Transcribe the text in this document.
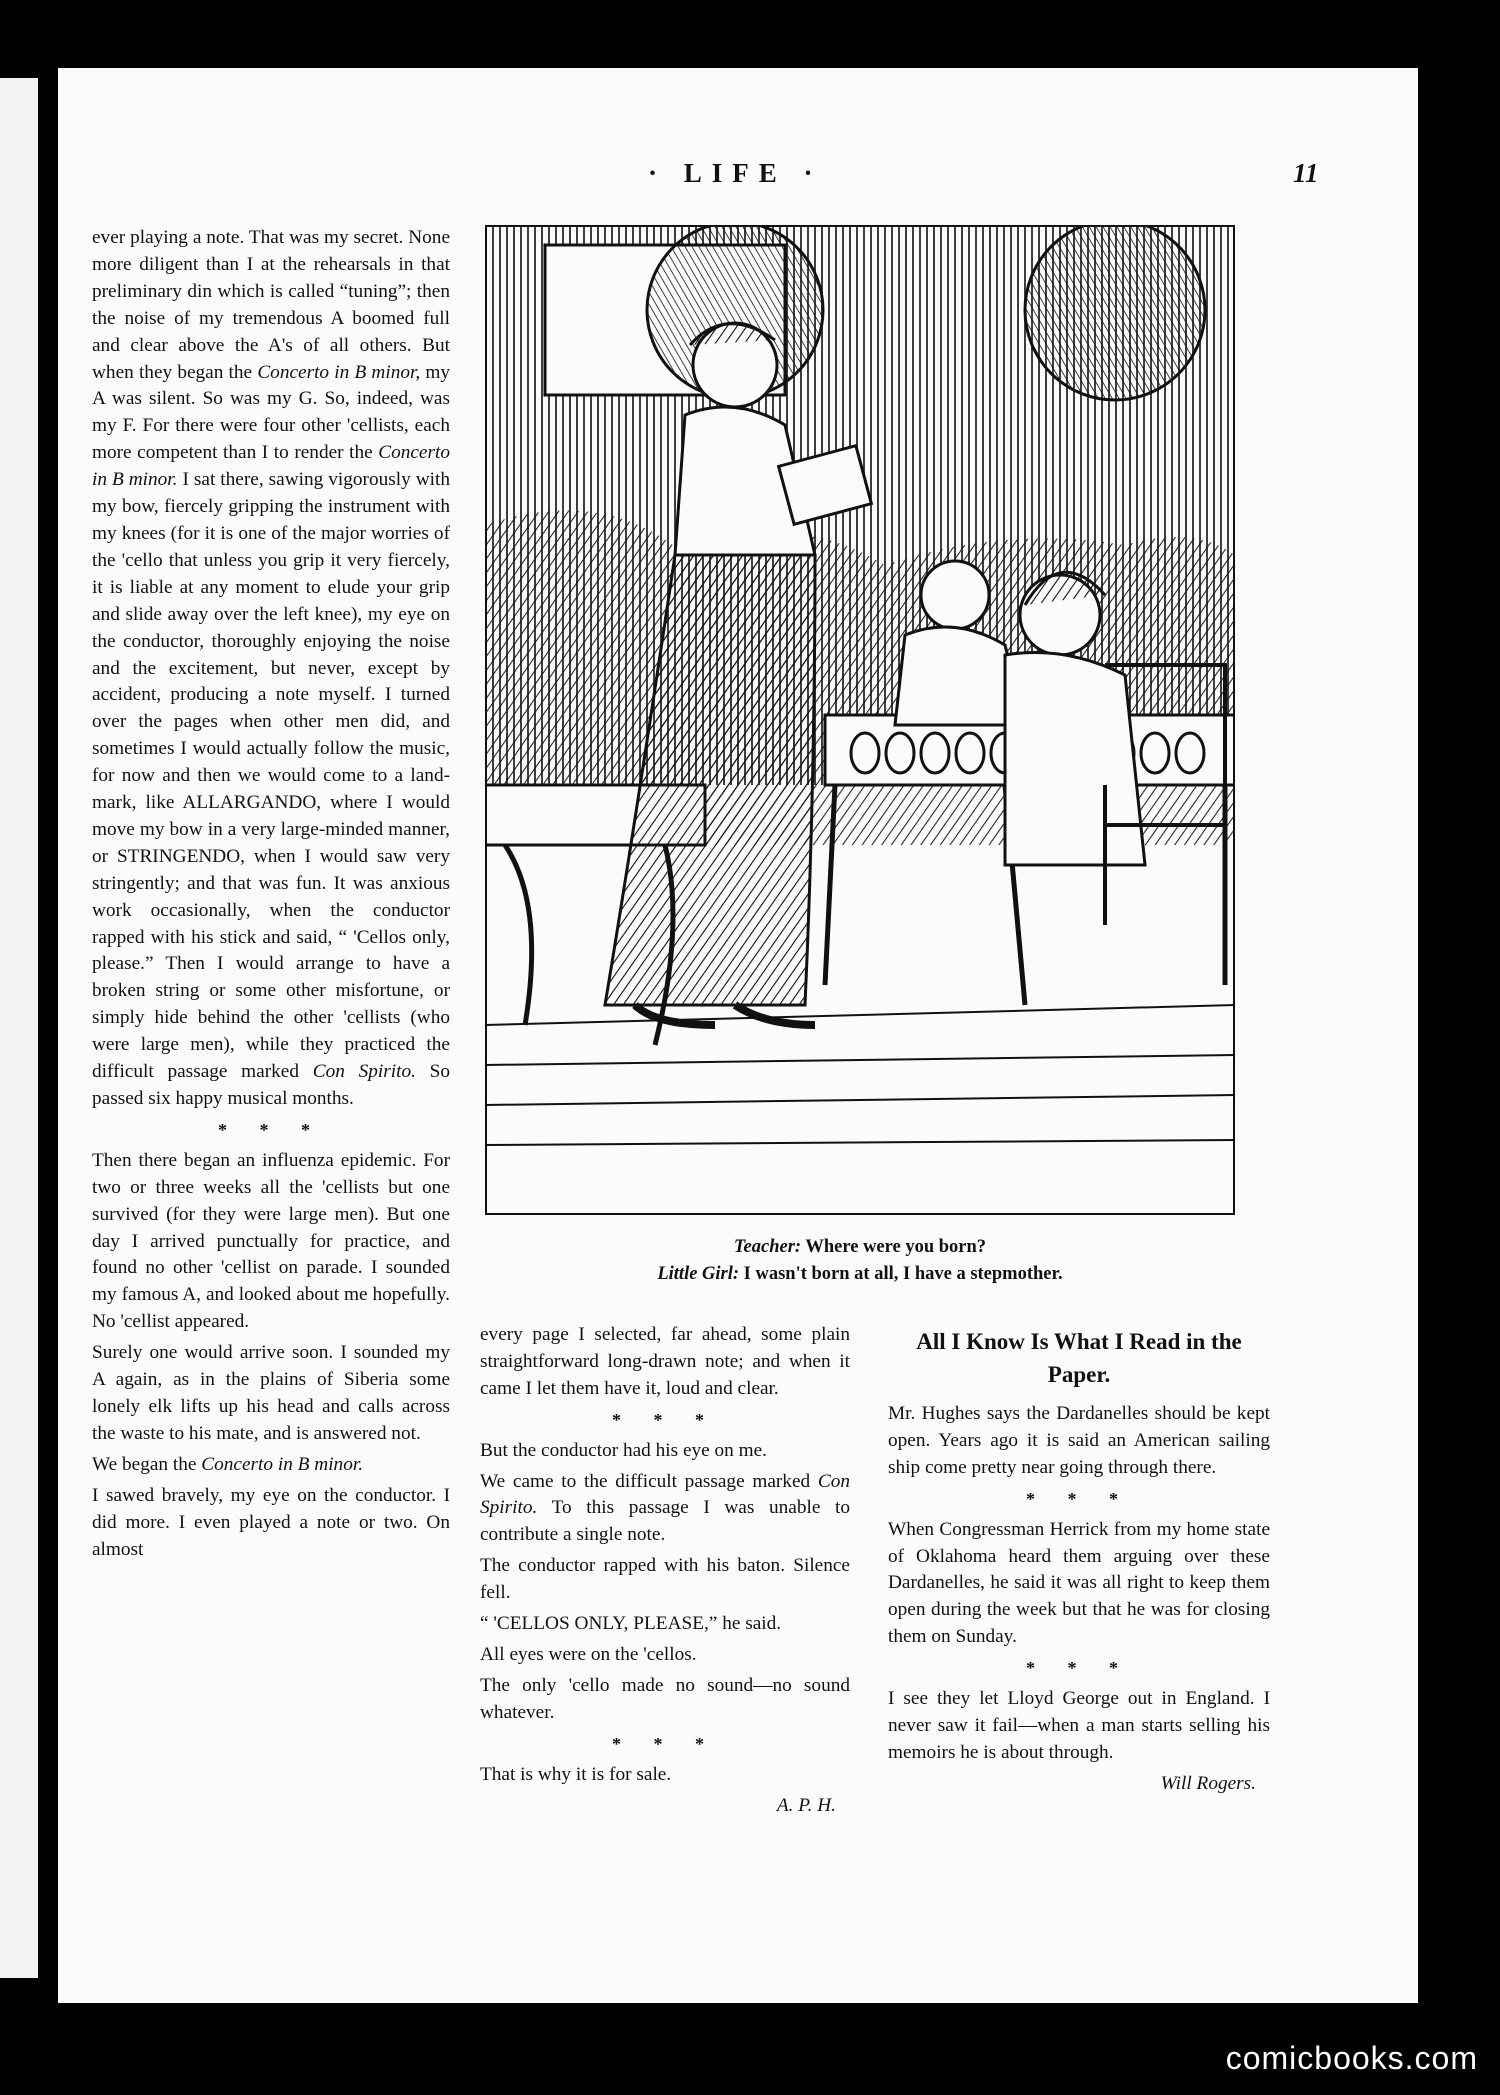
· LIFE ·	11

ever playing a note. That was my secret. None more diligent than I at the rehearsals in that preliminary din which is called “tuning”; then the noise of my tremendous A boomed full and clear above the A's of all others. But when they began the Concerto in B minor, my A was silent. So was my G. So, indeed, was my F. For there were four other 'cellists, each more competent than I to render the Concerto in B minor. I sat there, sawing vigorously with my bow, fiercely gripping the instrument with my knees (for it is one of the major worries of the 'cello that unless you grip it very fiercely, it is liable at any moment to elude your grip and slide away over the left knee), my eye on the conductor, thoroughly enjoying the noise and the excitement, but never, except by accident, producing a note myself. I turned over the pages when other men did, and sometimes I would actually follow the music, for now and then we would come to a land-mark, like ALLARGANDO, where I would move my bow in a very large-minded manner, or STRINGENDO, when I would saw very stringently; and that was fun. It was anxious work occasionally, when the conductor rapped with his stick and said, “ 'Cellos only, please.” Then I would arrange to have a broken string or some other misfortune, or simply hide behind the other 'cellists (who were large men), while they practiced the difficult passage marked Con Spirito. So passed six happy musical months.

* * *

Then there began an influenza epidemic. For two or three weeks all the 'cellists but one survived (for they were large men). But one day I arrived punctually for practice, and found no other 'cellist on parade. I sounded my famous A, and looked about me hopefully. No 'cellist appeared.

Surely one would arrive soon. I sounded my A again, as in the plains of Siberia some lonely elk lifts up his head and calls across the waste to his mate, and is answered not.

We began the Concerto in B minor.

I sawed bravely, my eye on the conductor. I did more. I even played a note or two. On almost

Teacher: Where were you born?
Little Girl: I wasn't born at all, I have a stepmother.

every page I selected, far ahead, some plain straightforward long-drawn note; and when it came I let them have it, loud and clear.

* * *

But the conductor had his eye on me.

We came to the difficult passage marked Con Spirito. To this passage I was unable to contribute a single note.

The conductor rapped with his baton. Silence fell.

“ 'CELLOS ONLY, PLEASE,” he said.

All eyes were on the 'cellos.

The only 'cello made no sound—no sound whatever.

* * *

That is why it is for sale.

A. P. H.

All I Know Is What I Read in the Paper.

Mr. Hughes says the Dardanelles should be kept open. Years ago it is said an American sailing ship come pretty near going through there.

* * *

When Congressman Herrick from my home state of Oklahoma heard them arguing over these Dardanelles, he said it was all right to keep them open during the week but that he was for closing them on Sunday.

* * *

I see they let Lloyd George out in England. I never saw it fail—when a man starts selling his memoirs he is about through.

Will Rogers.

comicbooks.com
